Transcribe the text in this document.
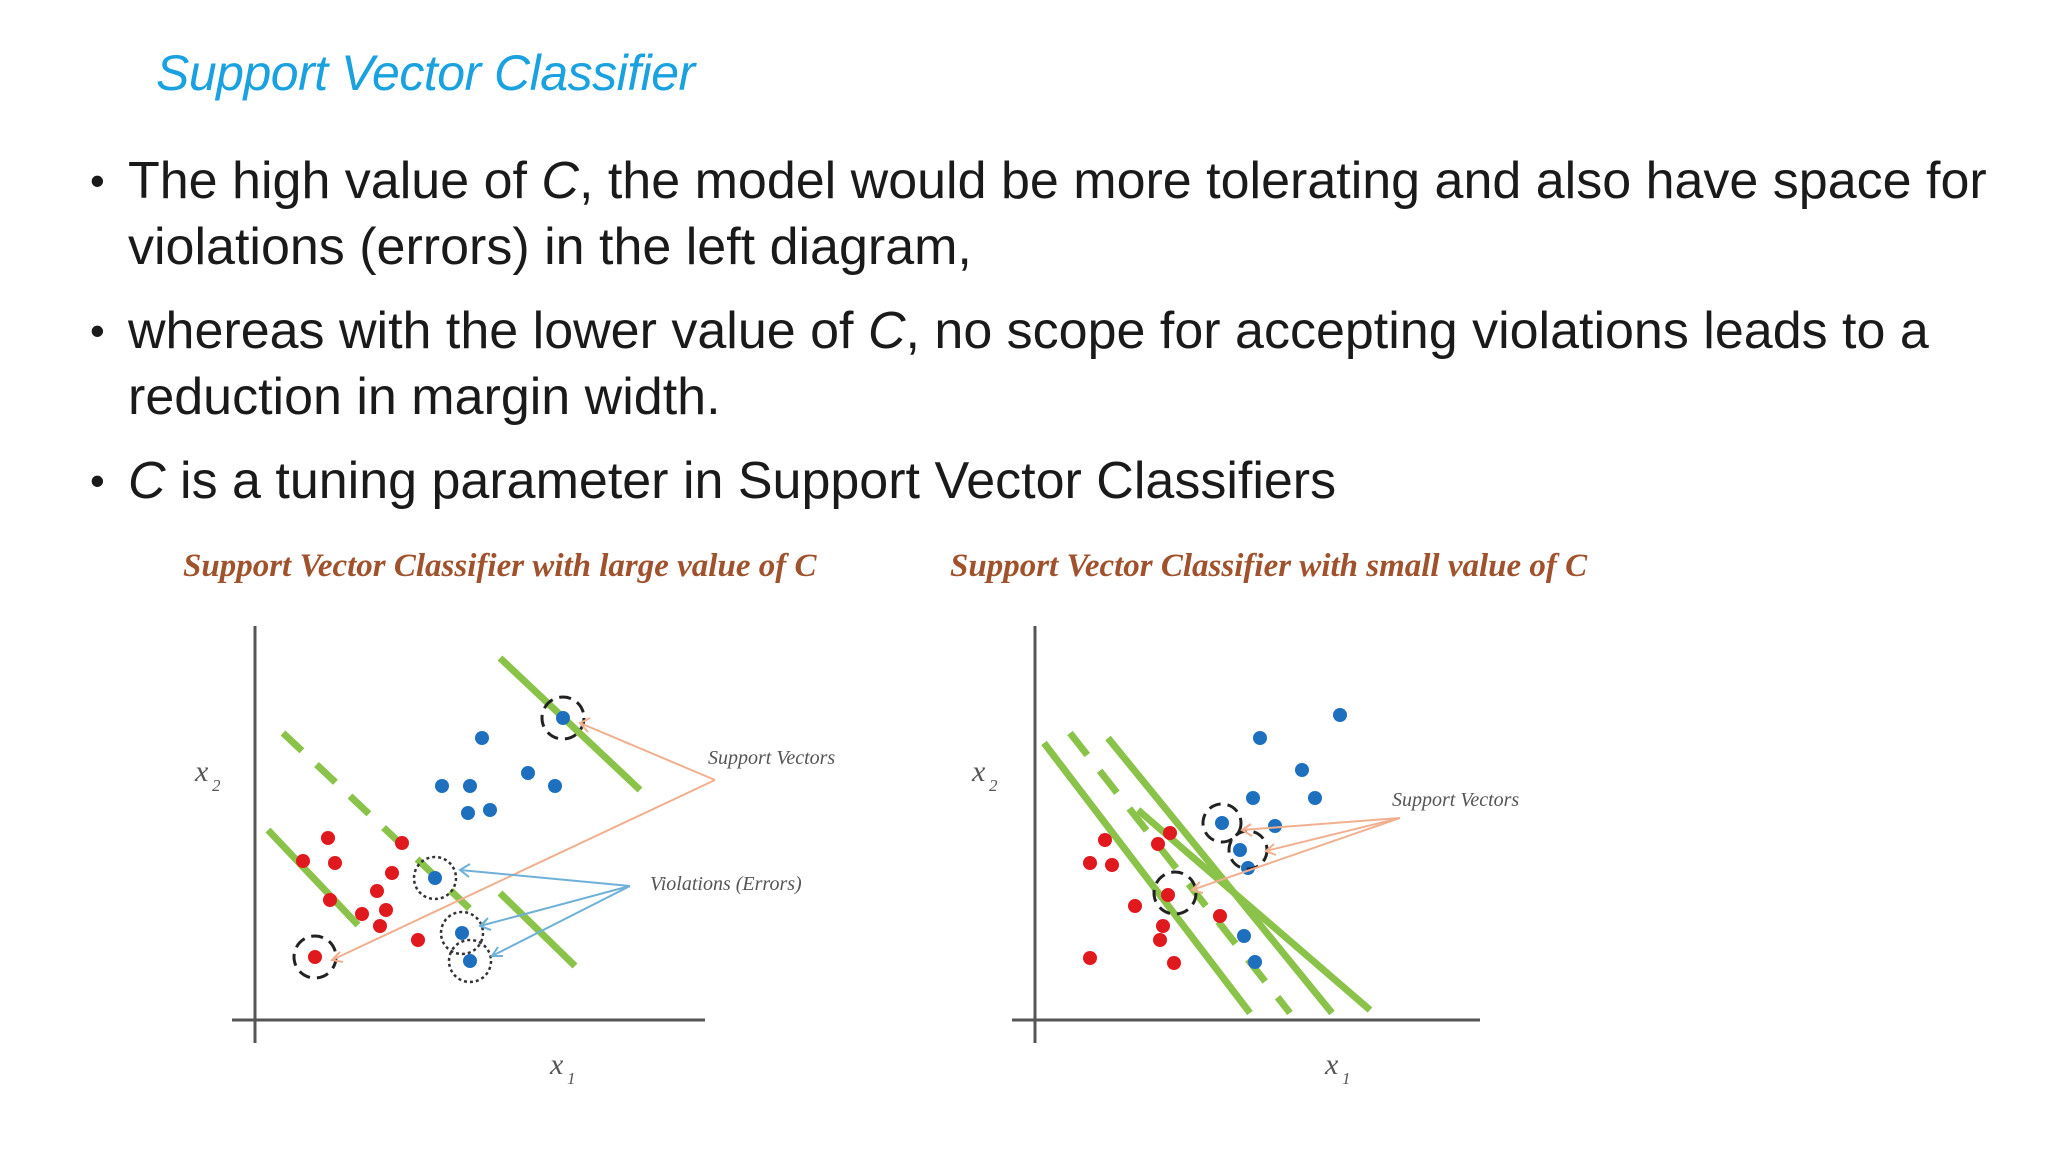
Support Vector Classifier
• The high value of C, the model would be more tolerating and also have space for violations (errors) in the left diagram,
• whereas with the lower value of C, no scope for accepting violations leads to a reduction in margin width.
• C is a tuning parameter in Support Vector Classifiers
Support Vector Classifier with large value of C	Support Vector Classifier with small value of C
Support Vectors
Violations (Errors)
x 2
x 1
Support Vectors
x 2
x 1
